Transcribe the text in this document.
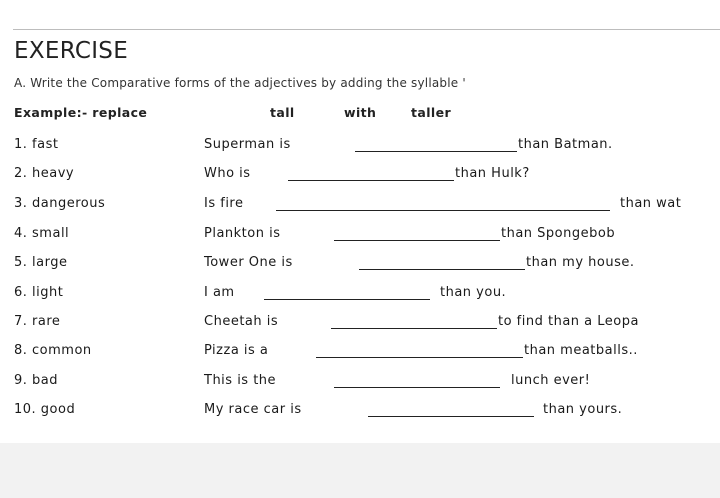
EXERCISE
A. Write the Comparative forms of the adjectives by adding the syllable '
Example:- replace	tall	with	taller
1. fast	Superman is	than Batman.
2. heavy	Who is	than Hulk?
3. dangerous	Is fire	than wat
4. small	Plankton is	than Spongebob
5. large	Tower One is	than my house.
6. light	I am	than you.
7. rare	Cheetah is	to find than a Leopa
8. common	Pizza is a	than meatballs..
9. bad	This is the	lunch ever!
10. good	My race car is	than yours.
